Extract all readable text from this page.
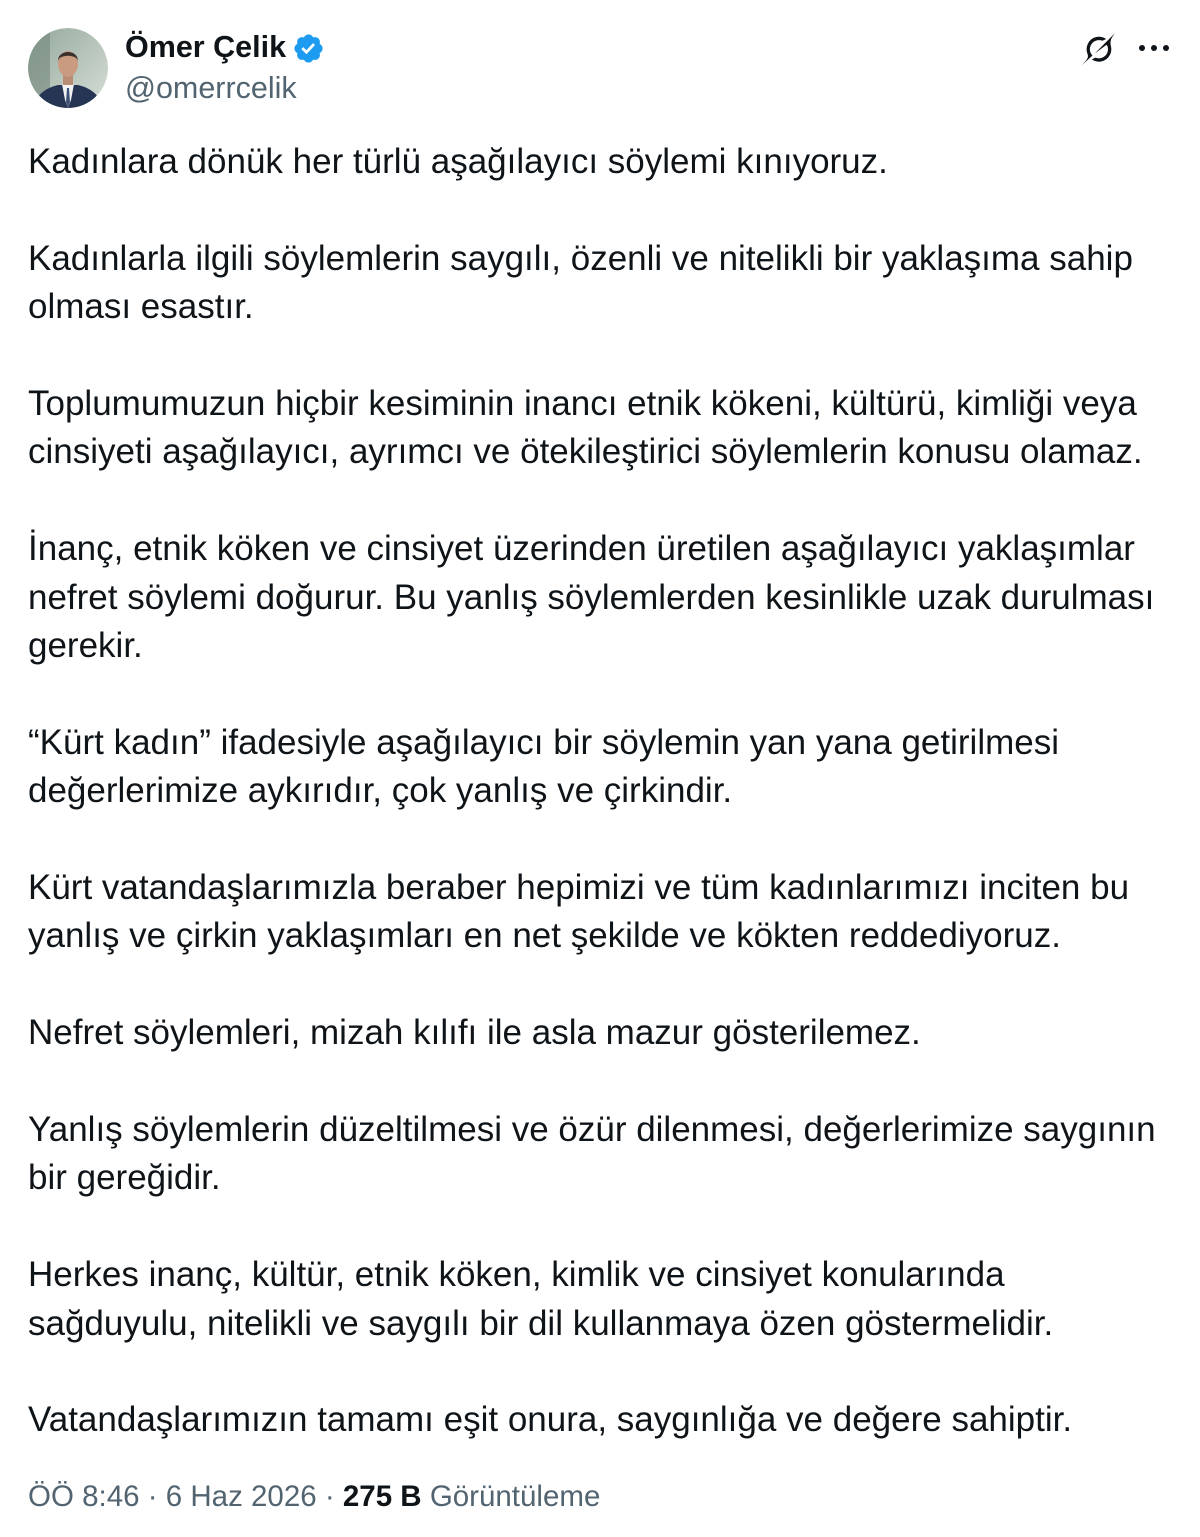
Ömer Çelik
@omerrcelik

Kadınlara dönük her türlü aşağılayıcı söylemi kınıyoruz.

Kadınlarla ilgili söylemlerin saygılı, özenli ve nitelikli bir yaklaşıma sahip
olması esastır.

Toplumumuzun hiçbir kesiminin inancı etnik kökeni, kültürü, kimliği veya
cinsiyeti aşağılayıcı, ayrımcı ve ötekileştirici söylemlerin konusu olamaz.

İnanç, etnik köken ve cinsiyet üzerinden üretilen aşağılayıcı yaklaşımlar
nefret söylemi doğurur. Bu yanlış söylemlerden kesinlikle uzak durulması
gerekir.

“Kürt kadın” ifadesiyle aşağılayıcı bir söylemin yan yana getirilmesi
değerlerimize aykırıdır, çok yanlış ve çirkindir.

Kürt vatandaşlarımızla beraber hepimizi ve tüm kadınlarımızı inciten bu
yanlış ve çirkin yaklaşımları en net şekilde ve kökten reddediyoruz.

Nefret söylemleri, mizah kılıfı ile asla mazur gösterilemez.

Yanlış söylemlerin düzeltilmesi ve özür dilenmesi, değerlerimize saygının
bir gereğidir.

Herkes inanç, kültür, etnik köken, kimlik ve cinsiyet konularında
sağduyulu, nitelikli ve saygılı bir dil kullanmaya özen göstermelidir.

Vatandaşlarımızın tamamı eşit onura, saygınlığa ve değere sahiptir.

ÖÖ 8:46 · 6 Haz 2026 · 275 B Görüntüleme
